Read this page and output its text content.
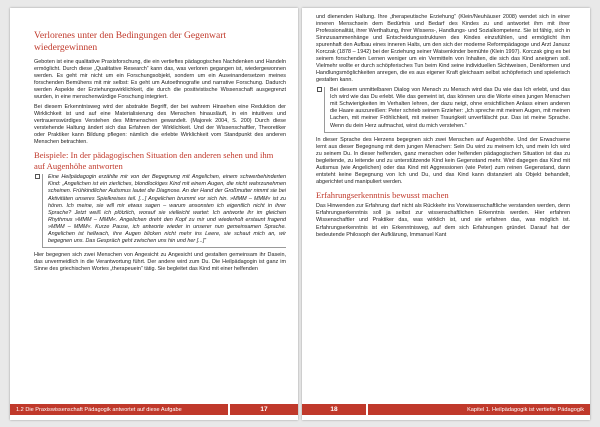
Verlorenes unter den Bedingungen der Gegenwart wiedergewinnen

Geboten ist eine qualitative Praxisforschung, die ein vertieftes pädagogisches Nachdenken und Handeln ermöglicht. Durch diese „Qualitative Research“ kann das, was verloren gegangen ist, wiedergewonnen werden. Es geht mir nicht um ein Forschungsobjekt, sondern um ein Auseinandersetzen meines forschenden Bemühens mit mir selbst: Es geht um Autoethnografie und narrative Forschung. Dadurch werden Aspekte der Erziehungswirklichkeit, die durch die positivistische Wissenschaft ausgegrenzt wurden, in eine menschenwürdige Forschung integriert.

Bei diesem Erkenntnisweg wird der abstrakte Begriff, der bei wahrem Hinsehen eine Reduktion der Wirklichkeit ist und auf eine Materialisierung des Menschen hinausläuft, in ein intuitives und vertrauenswürdiges Verstehen des Mitmenschen gewandelt. (Majorek 2004, S. 200) Durch diese verstehende Haltung ändert sich das Erfahren der Wirklichkeit. Und der Wissenschaftler, Theoretiker oder Praktiker kann Bildung pflegen: nämlich die erlebte Wirklichkeit vom Standpunkt des anderen Menschen betrachten.

Beispiele: In der pädagogischen Situation den anderen sehen und ihm auf Augenhöhe antworten

Eine Heilpädagogin erzählte mir von der Begegnung mit Angelichen, einem schwerbehinderten Kind: „Angelichen ist ein zierliches, blondlockiges Kind mit einem Augen, die nicht wahrzunehmen scheinen. Frühkindlicher Autismus lautet die Diagnose. An der Hand der Großmutter nimmt sie bei Aktivitäten unseres Spielkreises teil. [...] Angelichen brummt vor sich hin. »MMM – MMM« ist zu hören. Ich meine, sie will mir etwas sagen – warum ansonsten ich eigentlich nicht in ihrer Sprache? Jetzt weiß ich plötzlich, worauf sie vielleicht wartet: Ich antworte ihr im gleichen Rhythmus »MMM – MMM«. Angelichen dreht den Kopf zu mir und wiederholt erstaunt fragend »MMM – MMM«. Kurze Pause, ich antworte wieder in unserer nun gemeinsamen Sprache. Angelichen ist hellwach, ihre Augen blicken nicht mehr ins Leere, sie schaut mich an, wir begegnen uns. Das Gespräch geht zwischen uns hin und her [...]“

Hier begegnen sich zwei Menschen von Angesicht zu Angesicht und gestalten gemeinsam ihr Dasein, das unvermeidlich in die Verantwortung führt. Der andere wird zum Du. Die Heilpädagogin ist ganz im Sinne des griechischen Wortes „therapeuein“ tätig. Sie begleitet das Kind mit einer helfenden

1.2 Die Praxiswissenschaft Pädagogik antwortet auf diese Aufgabe	17

und dienenden Haltung. Ihre „therapeutische Erziehung“ (Klein/Neuhäuser 2008) wendet sich in einer inneren Menschsein dem Bedürfnis und Bedarf des Kindes zu und antwortet ihm mit ihrer Professionalität, ihrer Werthaltung, ihrer Wissens-, Handlungs- und Sozialkompetenz. Sie ist fähig, sich in Sinnzusammenhänge und Entscheidungsstrukturen des Kindes einzufühlen, und ermöglicht ihm spurenhaft den Aufbau eines inneren Halts, um den sich der moderne Reformpädagoge und Arzt Janusz Korczak (1878 – 1942) bei der Erziehung seiner Waisenkinder bemühte (Klein 1997). Korczak ging es bei seinem forschenden Lernen weniger um ein Vermitteln von Inhalten, die sich das Kind aneignen soll. Vielmehr wollte er durch schöpferisches Tun beim Kind seine individuellen Sichtweisen, Denkformen und Handlungsmöglichkeiten anregen, die es aus eigener Kraft gleichsam selbst schöpferisch und spielerisch gestalten kann.

Bei diesem unmittelbaren Dialog von Mensch zu Mensch wird das Du wie das Ich erlebt, und das Ich wird wie das Du erlebt. Wie das gemeint ist, das können uns die Worte eines jungen Menschen mit Schwierigkeiten im Verhalten lehren, der dazu neigt, ohne ersichtlichen Anlass einen anderen die Haare auszureißen: Peter schrieb seinem Erzieher: „Ich spreche mit meinen Augen, mit meinen Lachen, mit meiner Fröhlichkeit, mit meiner Traurigkeit unverfälscht pur. Das ist meine Sprache. Wenn du dein Herz aufmachst, wirst du mich verstehen.“

In dieser Sprache des Herzens begegnen sich zwei Menschen auf Augenhöhe. Und der Erwachsene lernt aus dieser Begegnung mit dem jungen Menschen: Sein Du wird zu meinem Ich, und mein Ich wird zu seinem Du. In dieser helfenden, ganz menschen oder helfenden pädagogischen Situation ist das zu begleitende, zu leitende und zu unterstützende Kind kein Gegenstand mehr. Wird dagegen das Kind mit Autismus (wie Angelichen) oder das Kind mit Aggressionen (wie Peter) zum reinen Gegenstand, dann entsteht keine Begegnung von Ich und Du, und das Kind kann distanziert als Objekt behandelt, abgerichtet und manipuliert werden.

Erfahrungserkenntnis bewusst machen

Das Hinwenden zur Erfahrung darf nicht als Rückkehr ins Vorwissenschaftliche verstanden werden, denn Erfahrungserkenntnis soll ja selbst zur wissenschaftlichen Erkenntnis werden. Hier erfahren Wissenschaftler und Praktiker das, was wirklich ist, und sie erfahren das, was möglich ist. Erfahrungserkenntnis ist ein Erkenntnisweg, auf dem sich Erfahrungen gründet. Darauf hat der bedeutende Philosoph der Aufklärung, Immanuel Kant

18	Kapitel 1. Heilpädagogik ist vertiefte Pädagogik
